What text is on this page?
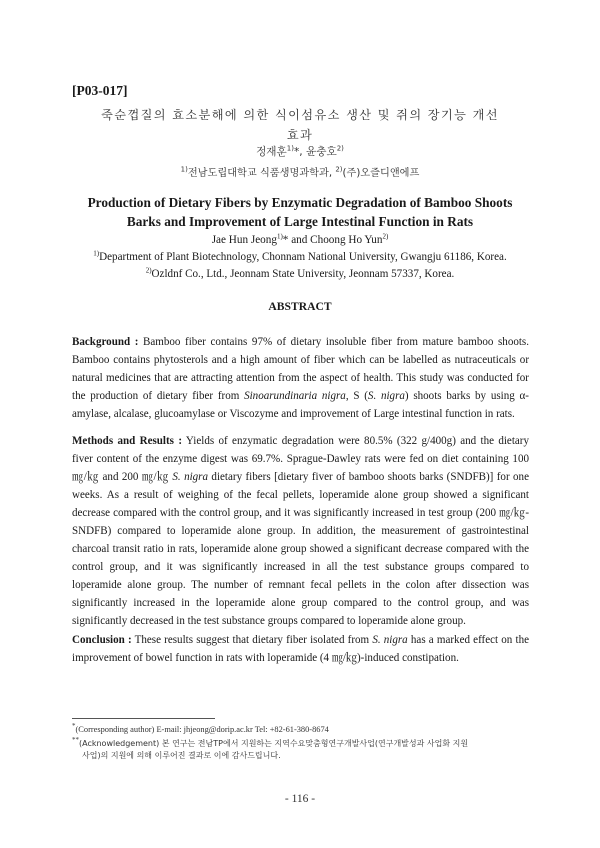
[P03-017]
죽순껍질의 효소분해에 의한 식이섬유소 생산 및 쥐의 장기능 개선
효과
정재훈$^{1)}$*, 윤충호$^{2)}$
$^{1)}$전남도립대학교 식품생명과학과, $^{2)}$(주)오즐디앤에프
Production of Dietary Fibers by Enzymatic Degradation of Bamboo Shoots
Barks and Improvement of Large Intestinal Function in Rats
Jae Hun Jeong$^{1)}$* and Choong Ho Yun$^{2)}$
$^{1)}$Department of Plant Biotechnology, Chonnam National University, Gwangju 61186, Korea.
$^{2)}$Ozldnf Co., Ltd., Jeonnam State University, Jeonnam 57337, Korea.
ABSTRACT
Background : Bamboo fiber contains 97% of dietary insoluble fiber from mature bamboo shoots. Bamboo contains phytosterols and a high amount of fiber which can be labelled as nutraceuticals or natural medicines that are attracting attention from the aspect of health. This study was conducted for the production of dietary fiber from Sinoarundinaria nigra, S (S. nigra) shoots barks by using α-amylase, alcalase, glucoamylase or Viscozyme and improvement of Large intestinal function in rats.
Methods and Results : Yields of enzymatic degradation were 80.5% (322 g/400g) and the dietary fiver content of the enzyme digest was 69.7%. Sprague-Dawley rats were fed on diet containing 100 ㎎/㎏ and 200 ㎎/㎏ S. nigra dietary fibers [dietary fiver of bamboo shoots barks (SNDFB)] for one weeks. As a result of weighing of the fecal pellets, loperamide alone group showed a significant decrease compared with the control group, and it was significantly increased in test group (200 ㎎/㎏-SNDFB) compared to loperamide alone group. In addition, the measurement of gastrointestinal charcoal transit ratio in rats, loperamide alone group showed a significant decrease compared with the control group, and it was significantly increased in all the test substance groups compared to loperamide alone group. The number of remnant fecal pellets in the colon after dissection was significantly increased in the loperamide alone group compared to the control group, and was significantly decreased in the test substance groups compared to loperamide alone group.
Conclusion : These results suggest that dietary fiber isolated from S. nigra has a marked effect on the improvement of bowel function in rats with loperamide (4 ㎎/㎏)-induced constipation.
*(Corresponding author) E-mail: jhjeong@dorip.ac.kr Tel: +82-61-380-8674
**(Acknowledgement) 본 연구는 전남TP에서 지원하는 지역수요맞춤형연구개발사업(연구개발성과 사업화 지원
사업)의 지원에 의해 이루어진 결과로 이에 감사드립니다.
- 116 -
